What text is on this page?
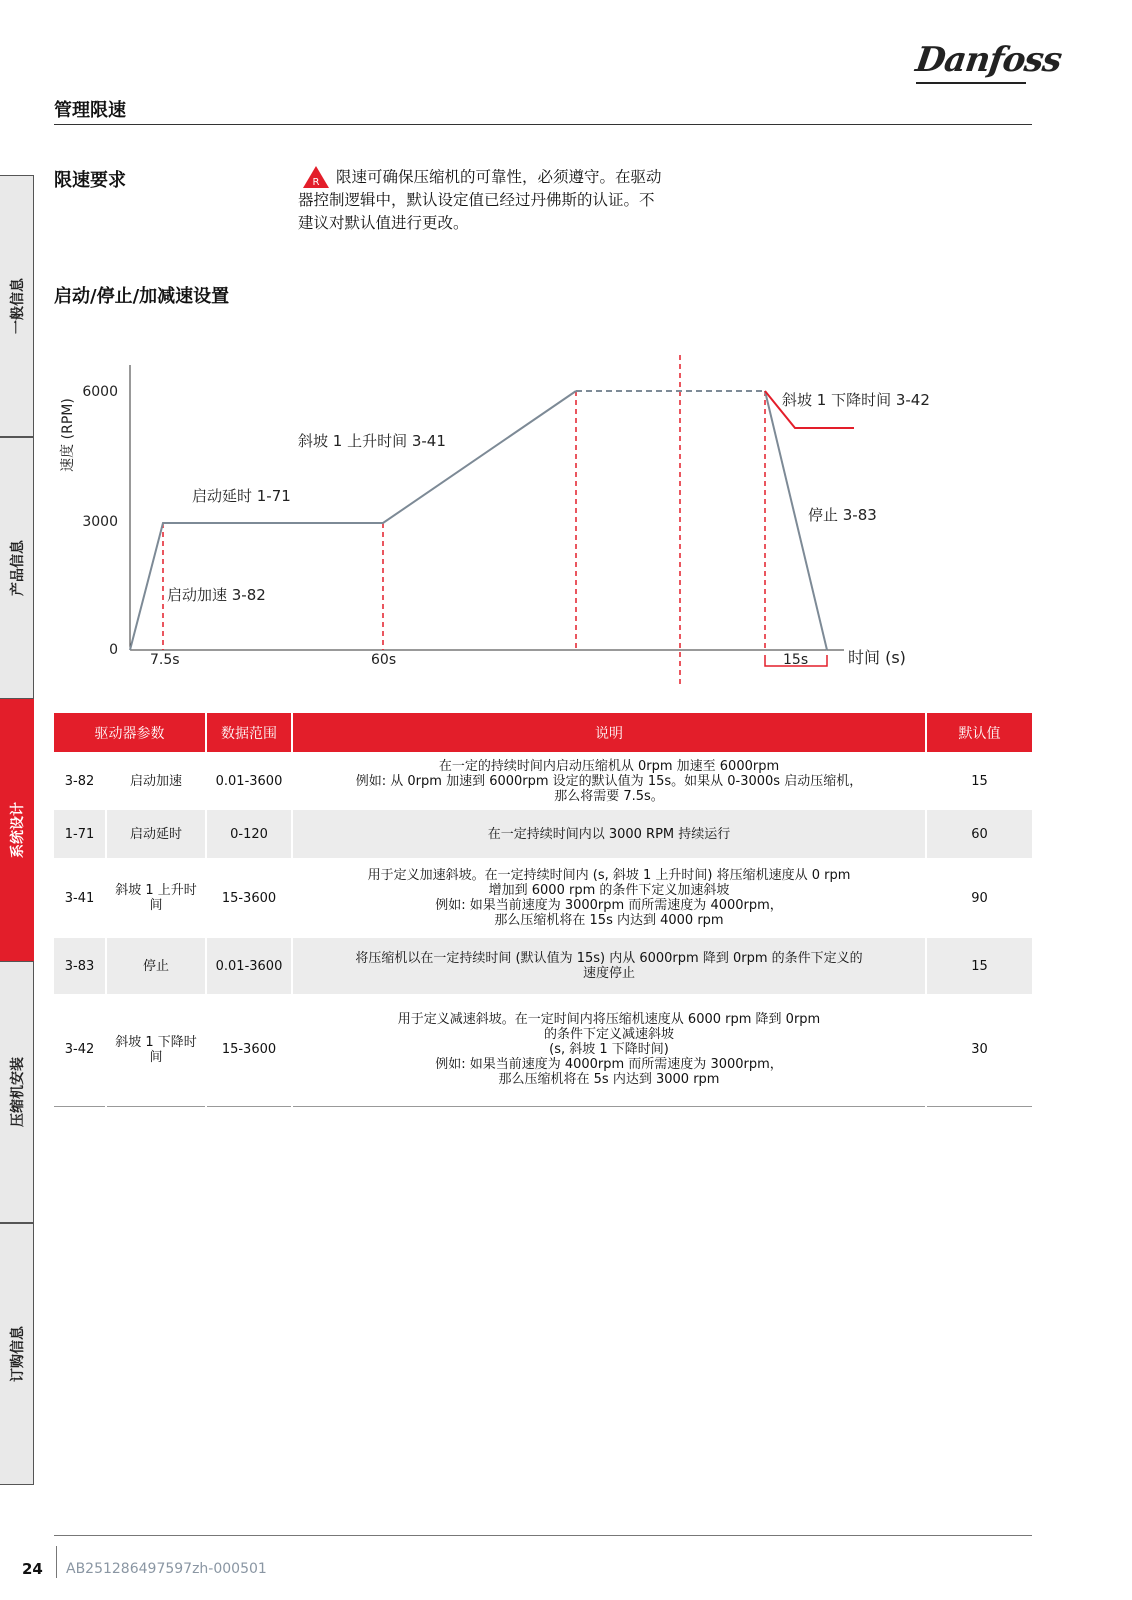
Danfoss
管理限速
一般信息
产品信息
系统设计
压缩机安装
订购信息
限速要求	R	限速可确保压缩机的可靠性，必须遵守。在驱动器控制逻辑中，默认设定值已经过丹佛斯的认证。不建议对默认值进行更改。
启动/停止/加减速设置
速度 (RPM)
时间 (s)
0
3000
6000
7.5s	60s	15s
启动延时 1-71
启动加速 3-82
斜坡 1 上升时间 3-41
斜坡 1 下降时间 3-42
停止 3-83
驱动器参数		数据范围	说明	默认值
3-82	启动加速	0.01-3600	在一定的持续时间内启动压缩机从 0rpm 加速至 6000rpm
例如: 从 0rpm 加速到 6000rpm 设定的默认值为 15s。如果从 0-3000s 启动压缩机，
那么将需要 7.5s。	15
1-71	启动延时	0-120	在一定持续时间内以 3000 RPM 持续运行	60
3-41	斜坡 1 上升时间	15-3600	用于定义加速斜坡。在一定持续时间内 (s, 斜坡 1 上升时间) 将压缩机速度从 0 rpm
增加到 6000 rpm 的条件下定义加速斜坡
例如: 如果当前速度为 3000rpm 而所需速度为 4000rpm，
那么压缩机将在 15s 内达到 4000 rpm	90
3-83	停止	0.01-3600	将压缩机以在一定持续时间 (默认值为 15s) 内从 6000rpm 降到 0rpm 的条件下定义的
速度停止	15
3-42	斜坡 1 下降时间	15-3600	用于定义减速斜坡。在一定时间内将压缩机速度从 6000 rpm 降到 0rpm
的条件下定义减速斜坡
(s, 斜坡 1 下降时间)
例如: 如果当前速度为 4000rpm 而所需速度为 3000rpm，
那么压缩机将在 5s 内达到 3000 rpm	30
24 AB251286497597zh-000501
